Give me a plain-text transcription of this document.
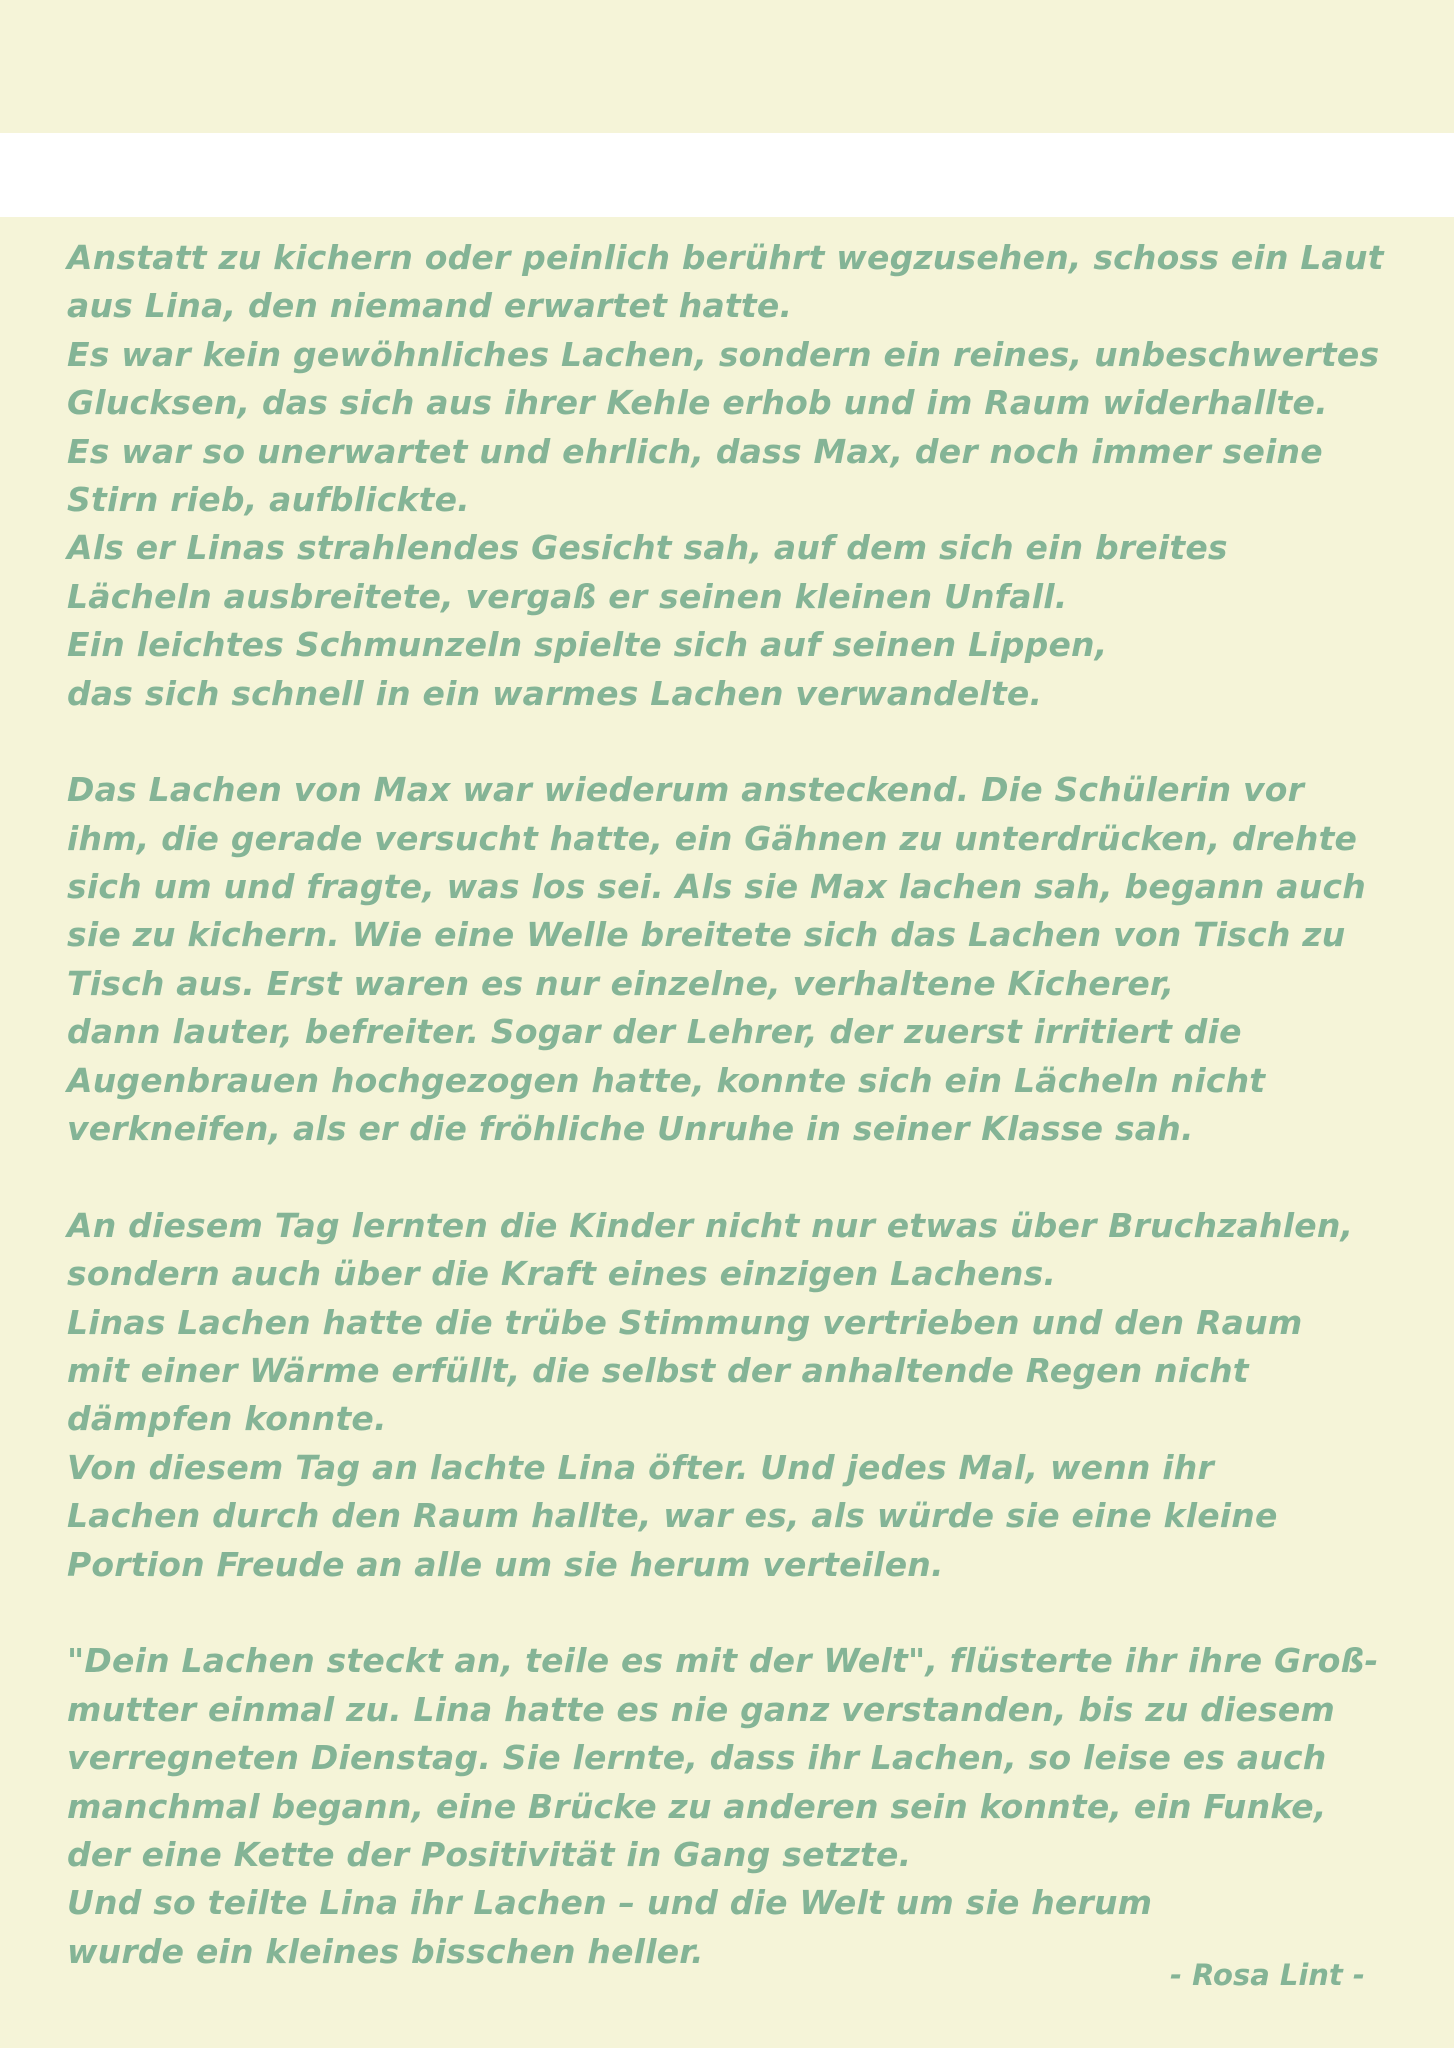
Anstatt zu kichern oder peinlich berührt wegzusehen, schoss ein Laut
aus Lina, den niemand erwartet hatte.
Es war kein gewöhnliches Lachen, sondern ein reines, unbeschwertes
Glucksen, das sich aus ihrer Kehle erhob und im Raum widerhallte.
Es war so unerwartet und ehrlich, dass Max, der noch immer seine
Stirn rieb, aufblickte.
Als er Linas strahlendes Gesicht sah, auf dem sich ein breites
Lächeln ausbreitete, vergaß er seinen kleinen Unfall.
Ein leichtes Schmunzeln spielte sich auf seinen Lippen,
das sich schnell in ein warmes Lachen verwandelte.
Das Lachen von Max war wiederum ansteckend. Die Schülerin vor
ihm, die gerade versucht hatte, ein Gähnen zu unterdrücken, drehte
sich um und fragte, was los sei. Als sie Max lachen sah, begann auch
sie zu kichern. Wie eine Welle breitete sich das Lachen von Tisch zu
Tisch aus. Erst waren es nur einzelne, verhaltene Kicherer,
dann lauter, befreiter. Sogar der Lehrer, der zuerst irritiert die
Augenbrauen hochgezogen hatte, konnte sich ein Lächeln nicht
verkneifen, als er die fröhliche Unruhe in seiner Klasse sah.
An diesem Tag lernten die Kinder nicht nur etwas über Bruchzahlen,
sondern auch über die Kraft eines einzigen Lachens.
Linas Lachen hatte die trübe Stimmung vertrieben und den Raum
mit einer Wärme erfüllt, die selbst der anhaltende Regen nicht
dämpfen konnte.
Von diesem Tag an lachte Lina öfter. Und jedes Mal, wenn ihr
Lachen durch den Raum hallte, war es, als würde sie eine kleine
Portion Freude an alle um sie herum verteilen.
"Dein Lachen steckt an, teile es mit der Welt", flüsterte ihr ihre Groß-
mutter einmal zu. Lina hatte es nie ganz verstanden, bis zu diesem
verregneten Dienstag. Sie lernte, dass ihr Lachen, so leise es auch
manchmal begann, eine Brücke zu anderen sein konnte, ein Funke,
der eine Kette der Positivität in Gang setzte.
Und so teilte Lina ihr Lachen – und die Welt um sie herum
wurde ein kleines bisschen heller.
- Rosa Lint -
